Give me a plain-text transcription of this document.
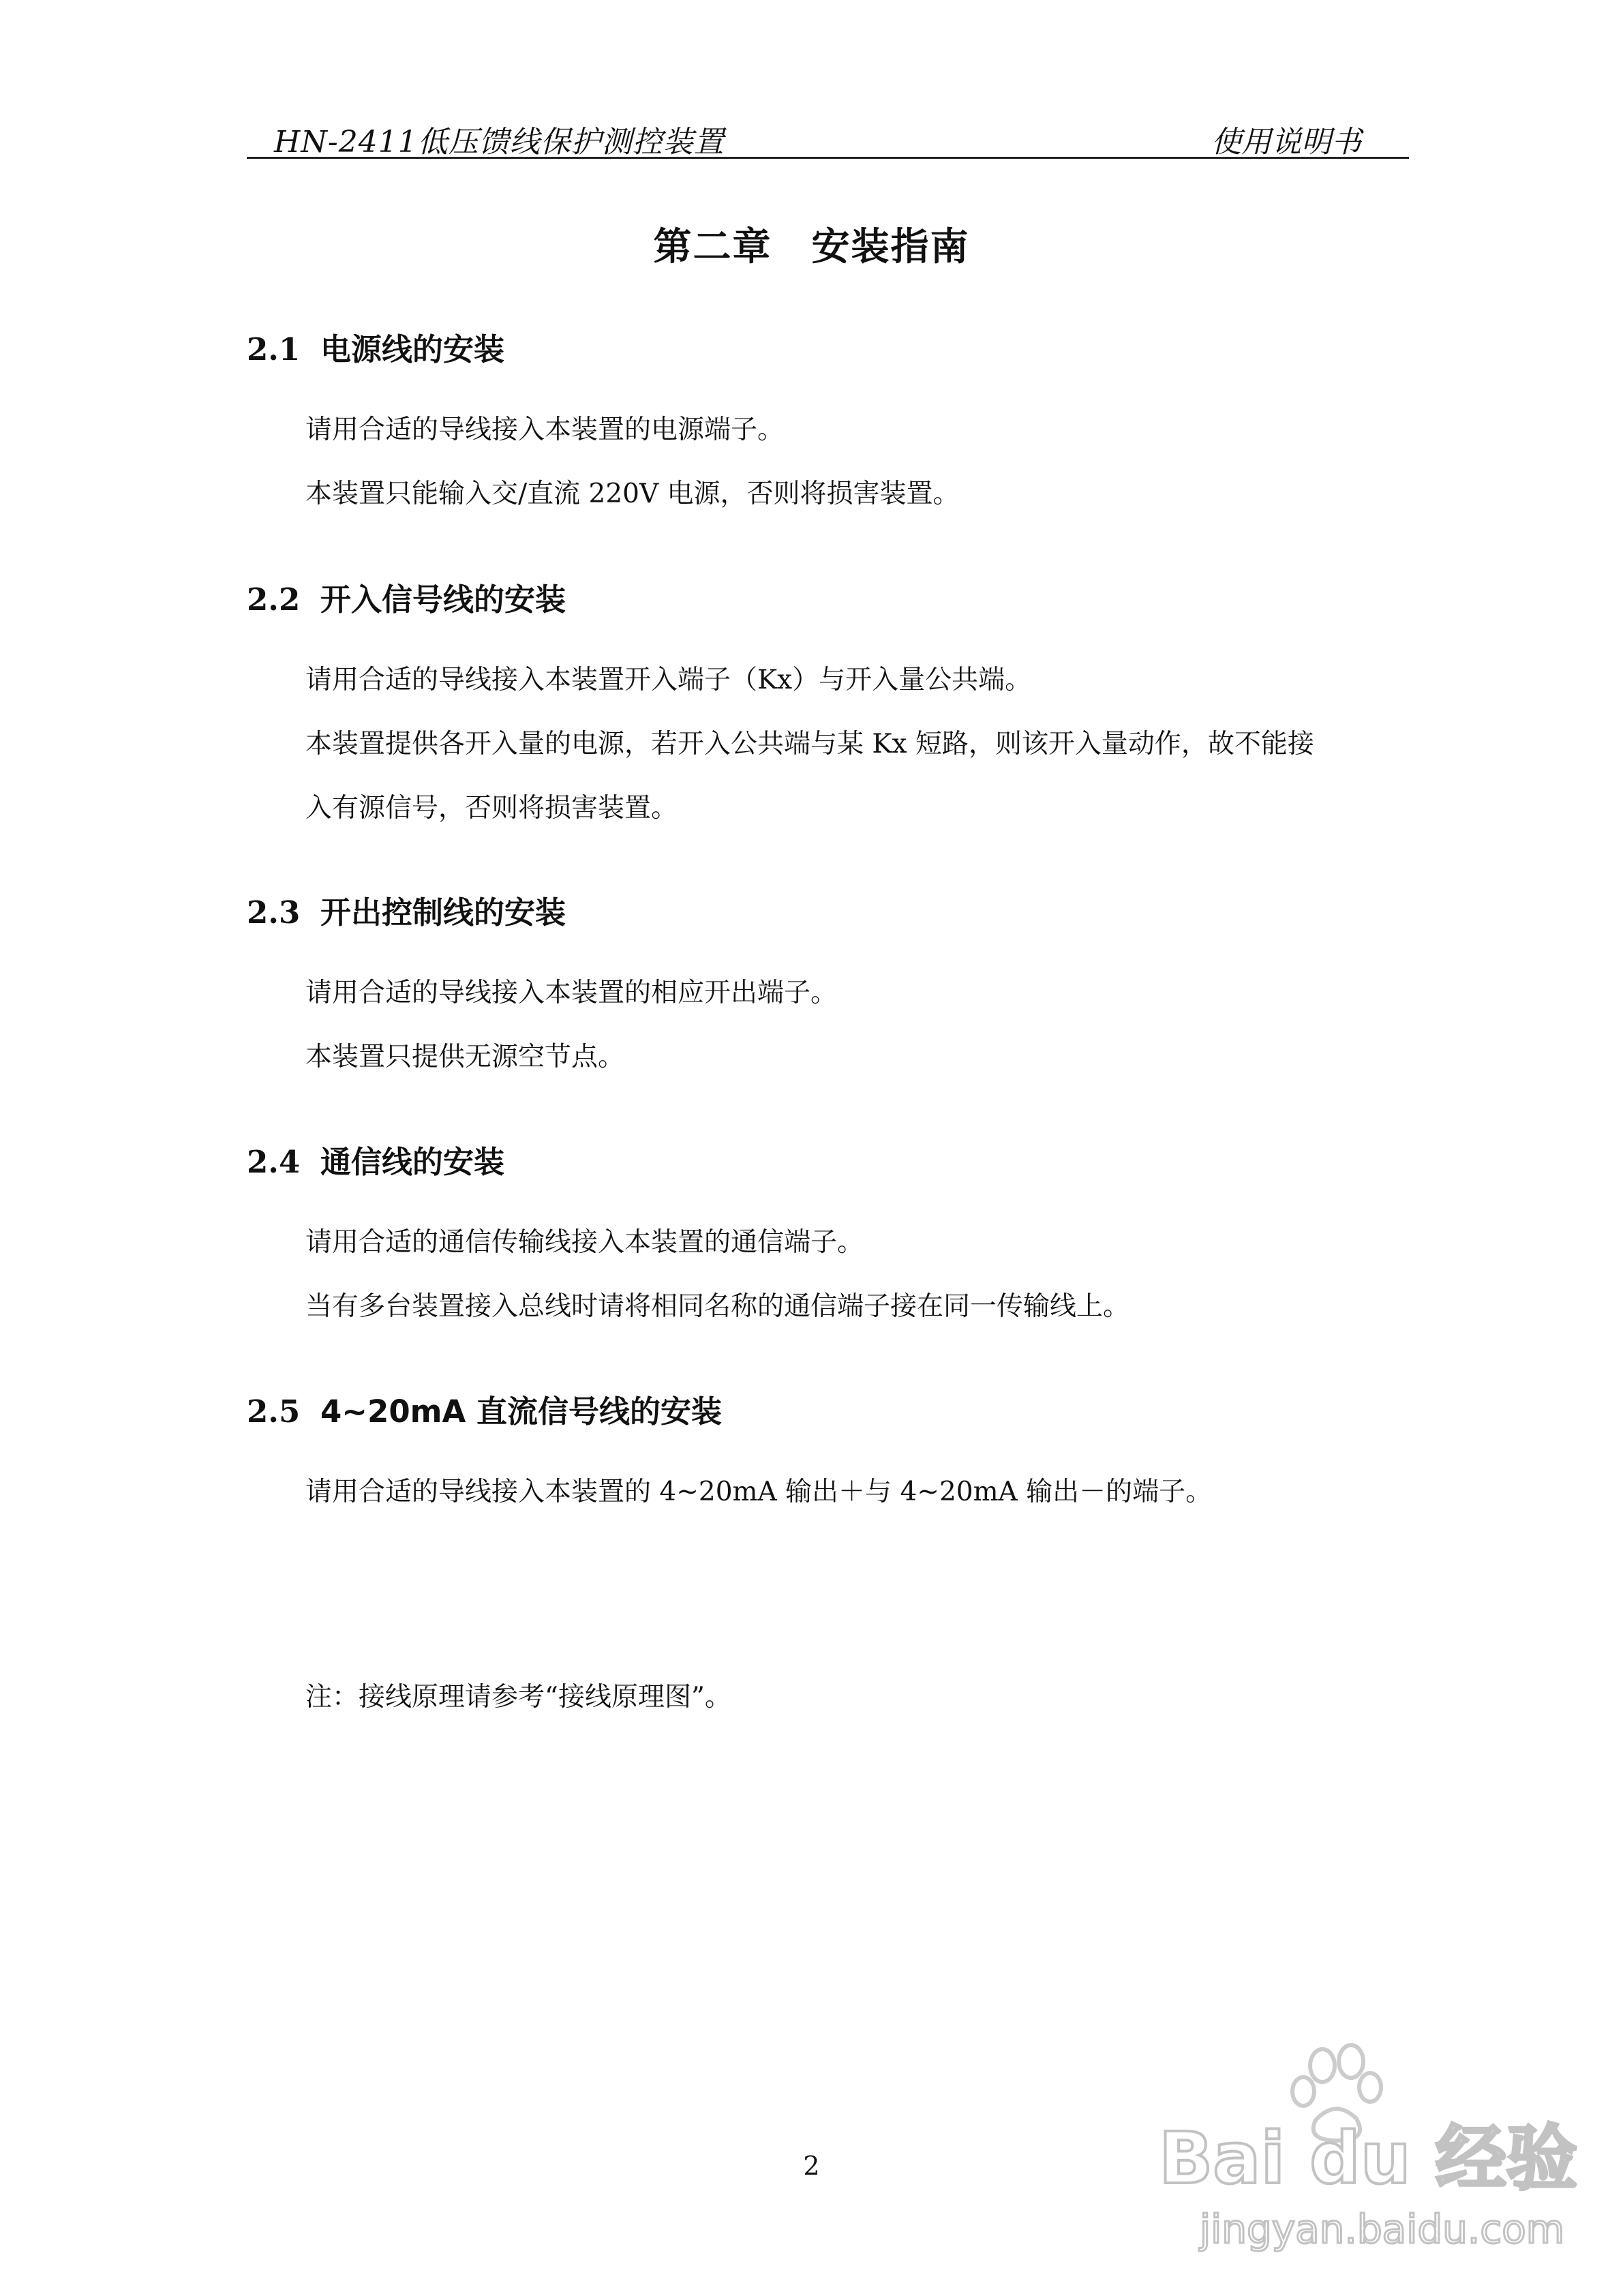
HN-2411低压馈线保护测控装置	使用说明书
第二章　安装指南
2.1 电源线的安装
请用合适的导线接入本装置的电源端子。
本装置只能输入交/直流 220V 电源，否则将损害装置。
2.2 开入信号线的安装
请用合适的导线接入本装置开入端子（Kx）与开入量公共端。
本装置提供各开入量的电源，若开入公共端与某 Kx 短路，则该开入量动作，故不能接
入有源信号，否则将损害装置。
2.3 开出控制线的安装
请用合适的导线接入本装置的相应开出端子。
本装置只提供无源空节点。
2.4 通信线的安装
请用合适的通信传输线接入本装置的通信端子。
当有多台装置接入总线时请将相同名称的通信端子接在同一传输线上。
2.5 4~20mA 直流信号线的安装
请用合适的导线接入本装置的 4~20mA 输出＋与 4~20mA 输出－的端子。
注：接线原理请参考“接线原理图”。
2	Bai du 经验
jingyan.baidu.com
